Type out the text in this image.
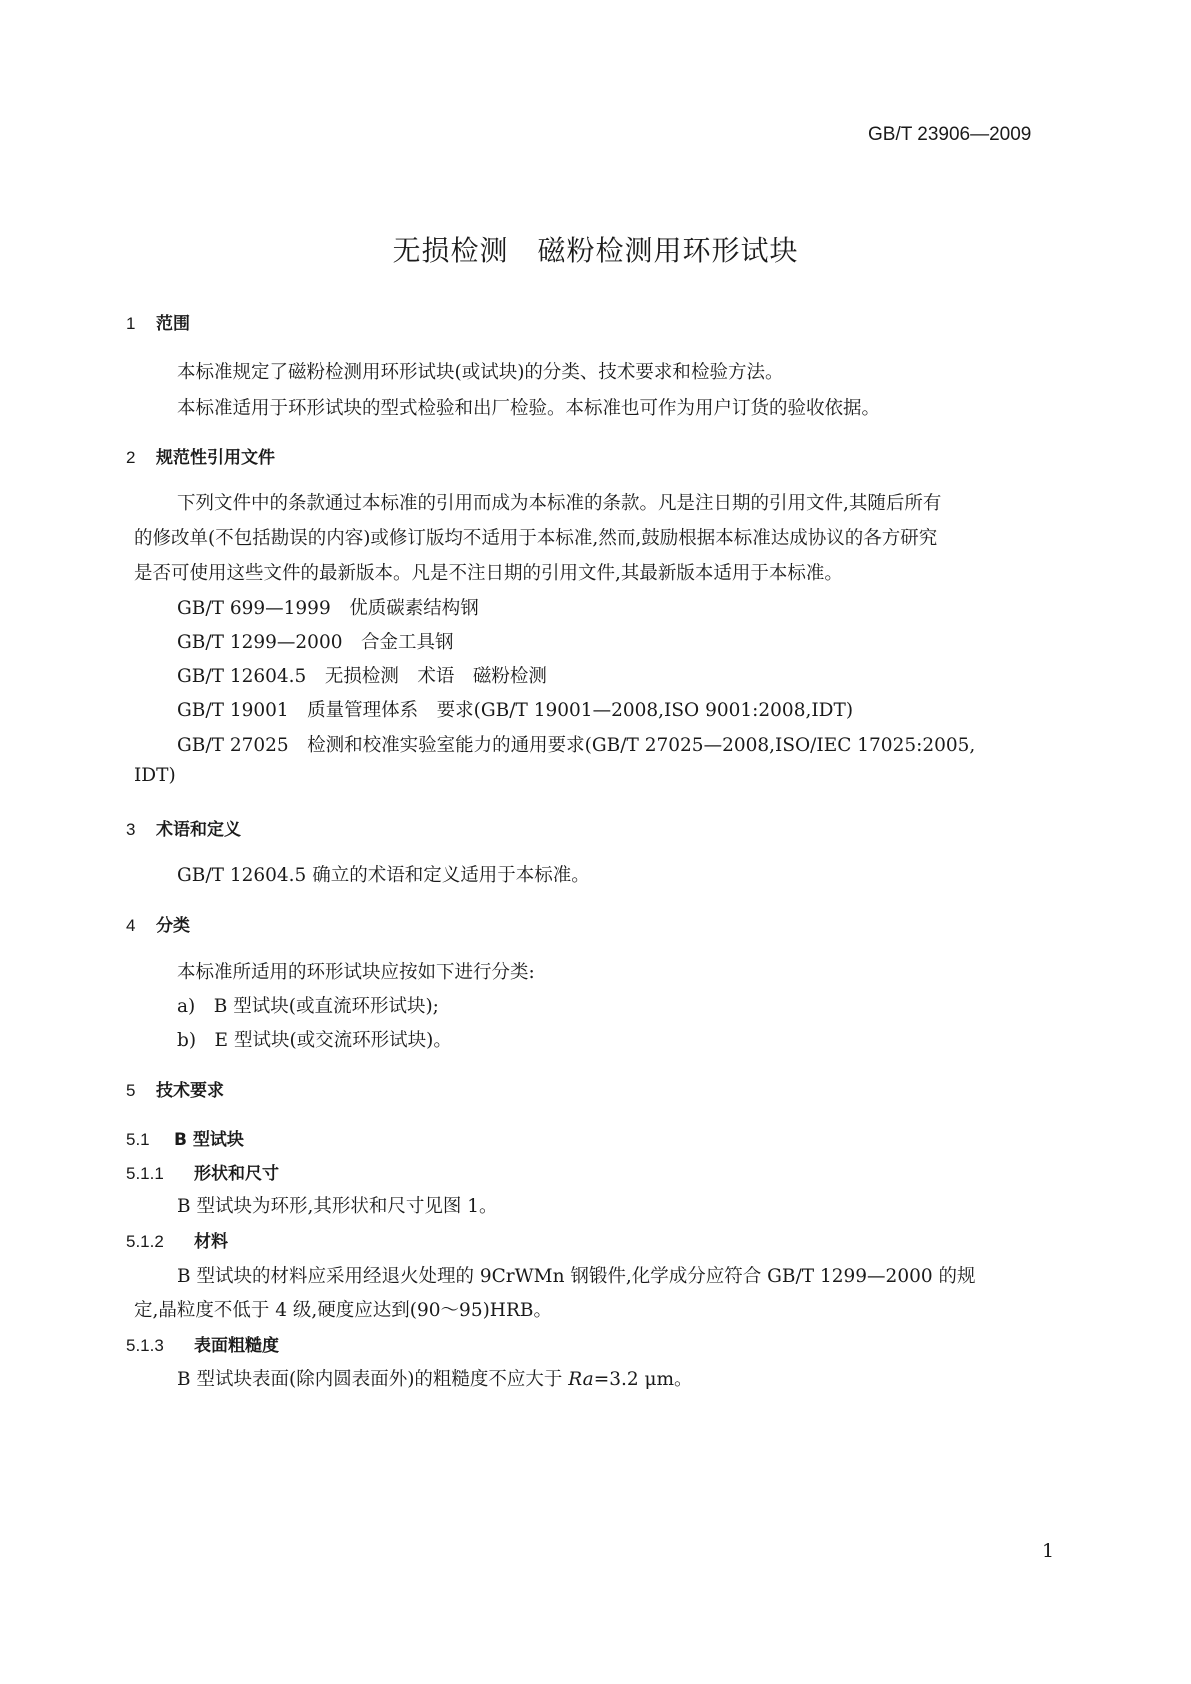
GB/T 23906—2009
无损检测　磁粉检测用环形试块
1 范围
本标准规定了磁粉检测用环形试块(或试块)的分类、技术要求和检验方法。
本标准适用于环形试块的型式检验和出厂检验。本标准也可作为用户订货的验收依据。
2 规范性引用文件
下列文件中的条款通过本标准的引用而成为本标准的条款。凡是注日期的引用文件,其随后所有
的修改单(不包括勘误的内容)或修订版均不适用于本标准,然而,鼓励根据本标准达成协议的各方研究
是否可使用这些文件的最新版本。凡是不注日期的引用文件,其最新版本适用于本标准。
GB/T 699—1999　优质碳素结构钢
GB/T 1299—2000　合金工具钢
GB/T 12604.5　无损检测　术语　磁粉检测
GB/T 19001　质量管理体系　要求(GB/T 19001—2008,ISO 9001:2008,IDT)
GB/T 27025　检测和校准实验室能力的通用要求(GB/T 27025—2008,ISO/IEC 17025:2005,
IDT)
3 术语和定义
GB/T 12604.5 确立的术语和定义适用于本标准。
4 分类
本标准所适用的环形试块应按如下进行分类:
a)　B 型试块(或直流环形试块);
b)　E 型试块(或交流环形试块)。
5 技术要求
5.1 B 型试块
5.1.1 形状和尺寸
B 型试块为环形,其形状和尺寸见图 1。
5.1.2 材料
B 型试块的材料应采用经退火处理的 9CrWMn 钢锻件,化学成分应符合 GB/T 1299—2000 的规
定,晶粒度不低于 4 级,硬度应达到(90～95)HRB。
5.1.3 表面粗糙度
B 型试块表面(除内圆表面外)的粗糙度不应大于 Ra=3.2 μm。
1
